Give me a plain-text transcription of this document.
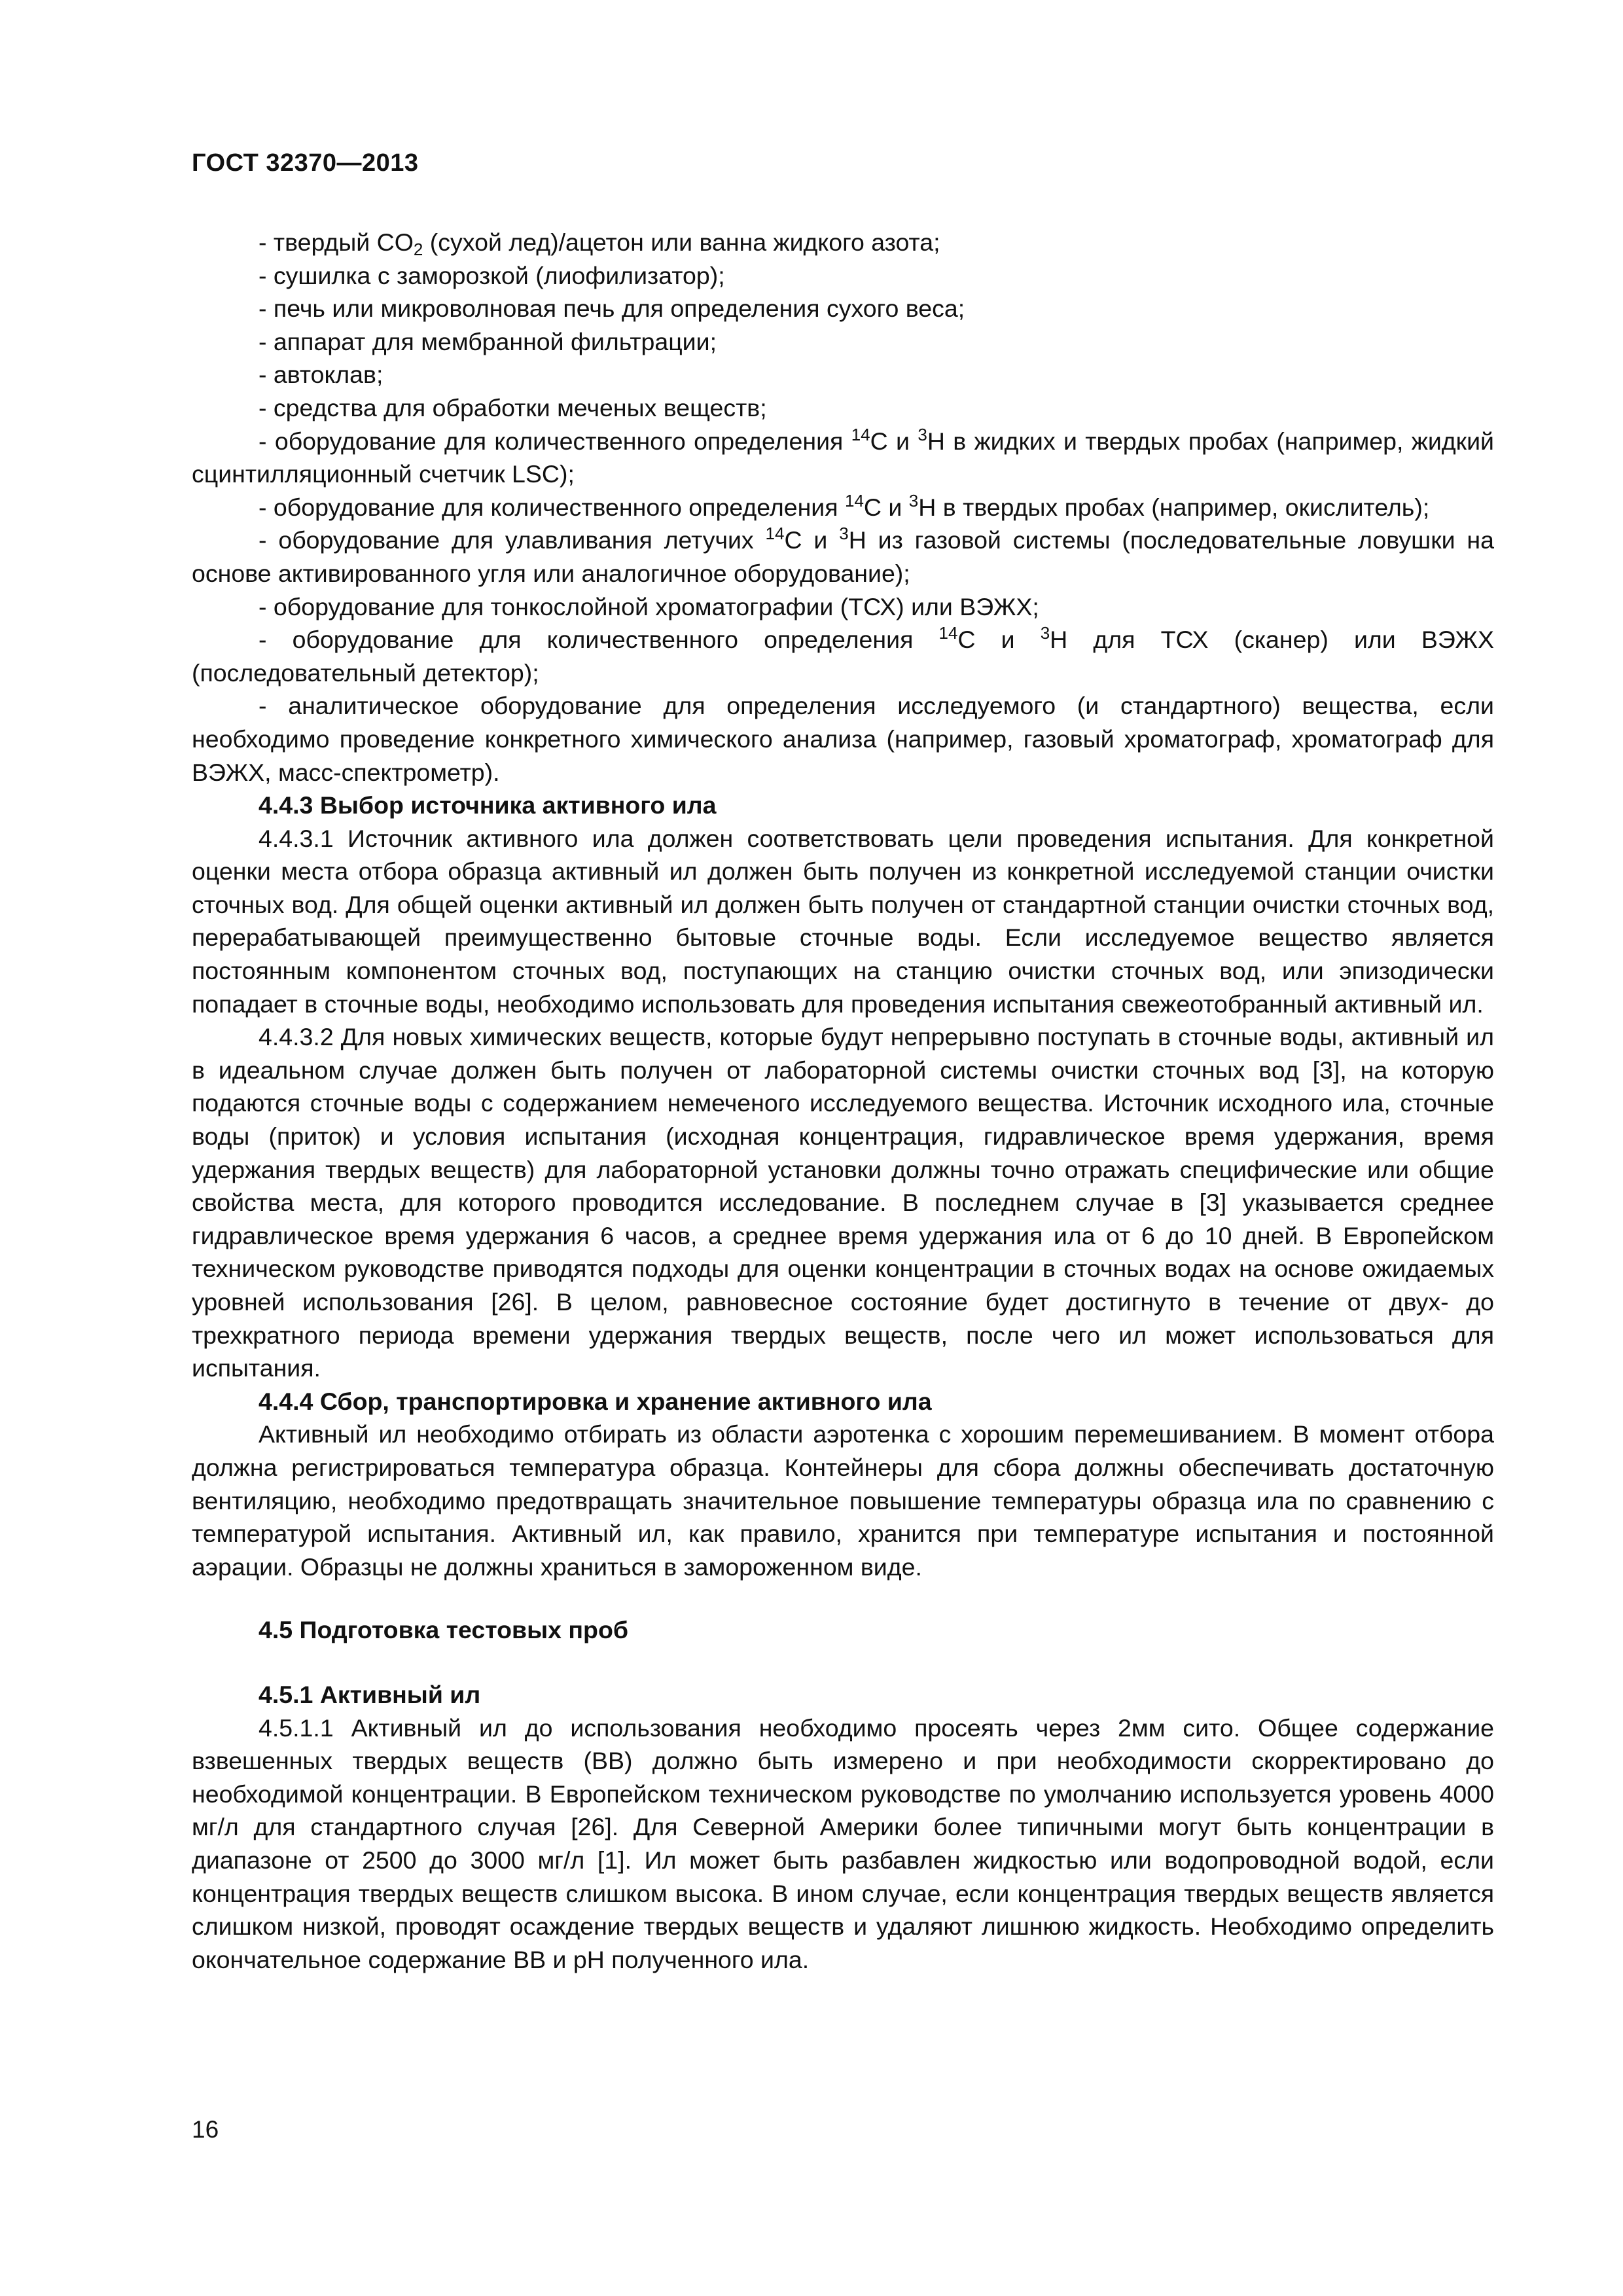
ГОСТ 32370—2013

- твердый $CO_2$ (сухой лед)/ацетон или ванна жидкого азота;

- сушилка с заморозкой (лиофилизатор);

- печь или микроволновая печь для определения сухого веса;

- аппарат для мембранной фильтрации;

- автоклав;

- средства для обработки меченых веществ;

- оборудование для количественного определения $^{14}$C и $^3$H в жидких и твердых пробах (например, жидкий сцинтилляционный счетчик LSC);

- оборудование для количественного определения $^{14}$C и $^3$H в твердых пробах (например, окислитель);

- оборудование для улавливания летучих $^{14}$C и $^3$H из газовой системы (последовательные ловушки на основе активированного угля или аналогичное оборудование);

- оборудование для тонкослойной хроматографии (ТСХ) или ВЭЖХ;

- оборудование для количественного определения $^{14}$C и $^3$H для ТСХ (сканер) или ВЭЖХ (последовательный детектор);

- аналитическое оборудование для определения исследуемого (и стандартного) вещества, если необходимо проведение конкретного химического анализа (например, газовый хроматограф, хроматограф для ВЭЖХ, масс-спектрометр).

4.4.3 Выбор источника активного ила

4.4.3.1 Источник активного ила должен соответствовать цели проведения испытания. Для конкретной оценки места отбора образца активный ил должен быть получен из конкретной исследуемой станции очистки сточных вод. Для общей оценки активный ил должен быть получен от стандартной станции очистки сточных вод, перерабатывающей преимущественно бытовые сточные воды. Если исследуемое вещество является постоянным компонентом сточных вод, поступающих на станцию очистки сточных вод, или эпизодически попадает в сточные воды, необходимо использовать для проведения испытания свежеотобранный активный ил.

4.4.3.2 Для новых химических веществ, которые будут непрерывно поступать в сточные воды, активный ил в идеальном случае должен быть получен от лабораторной системы очистки сточных вод [3], на которую подаются сточные воды с содержанием немеченого исследуемого вещества. Источник исходного ила, сточные воды (приток) и условия испытания (исходная концентрация, гидравлическое время удержания, время удержания твердых веществ) для лабораторной установки должны точно отражать специфические или общие свойства места, для которого проводится исследование. В последнем случае в [3] указывается среднее гидравлическое время удержания 6 часов, а среднее время удержания ила от 6 до 10 дней. В Европейском техническом руководстве приводятся подходы для оценки концентрации в сточных водах на основе ожидаемых уровней использования [26]. В целом, равновесное состояние будет достигнуто в течение от двух- до трехкратного периода времени удержания твердых веществ, после чего ил может использоваться для испытания.

4.4.4 Сбор, транспортировка и хранение активного ила

Активный ил необходимо отбирать из области аэротенка с хорошим перемешиванием. В момент отбора должна регистрироваться температура образца. Контейнеры для сбора должны обеспечивать достаточную вентиляцию, необходимо предотвращать значительное повышение температуры образца ила по сравнению с температурой испытания. Активный ил, как правило, хранится при температуре испытания и постоянной аэрации. Образцы не должны храниться в замороженном виде.

4.5 Подготовка тестовых проб
4.5.1 Активный ил

4.5.1.1 Активный ил до использования необходимо просеять через 2мм сито. Общее содержание взвешенных твердых веществ (ВВ) должно быть измерено и при необходимости скорректировано до необходимой концентрации. В Европейском техническом руководстве по умолчанию используется уровень 4000 мг/л для стандартного случая [26]. Для Северной Америки более типичными могут быть концентрации в диапазоне от 2500 до 3000 мг/л [1]. Ил может быть разбавлен жидкостью или водопроводной водой, если концентрация твердых веществ слишком высока. В ином случае, если концентрация твердых веществ является слишком низкой, проводят осаждение твердых веществ и удаляют лишнюю жидкость. Необходимо определить окончательное содержание ВВ и pH полученного ила.

16
